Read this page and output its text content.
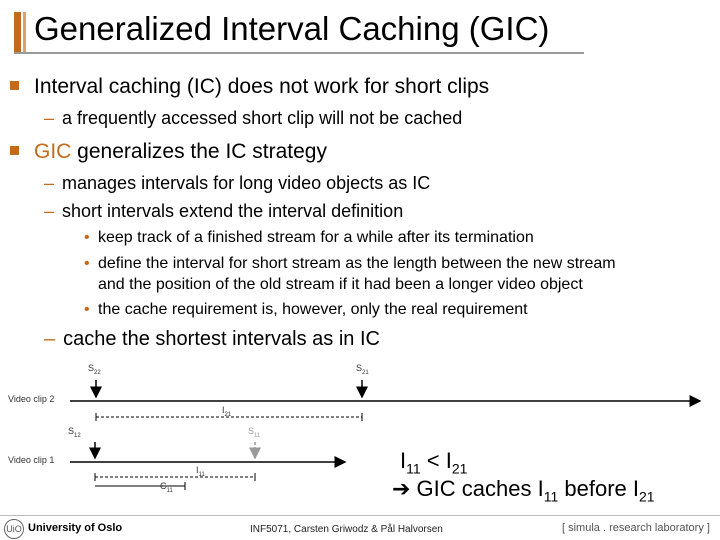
Generalized Interval Caching (GIC)
Interval caching (IC) does not work for short clips
– a frequently accessed short clip will not be cached
GIC generalizes the IC strategy
– manages intervals for long video objects as IC
– short intervals extend the interval definition
• keep track of a finished stream for a while after its termination
• define the interval for short stream as the length between the new stream
and the position of the old stream if it had been a longer video object
• the cache requirement is, however, only the real requirement
– cache the shortest intervals as in IC
Video clip 2
Video clip 1
$S_{22}$	$S_{21}$
$I_{21}$
$S_{12}$	$S_{11}$
$I_{11}$
$C_{11}$
$I_{11} < I_{21}$
➔ GIC caches $I_{11}$ before $I_{21}$
UiO University of Oslo	INF5071, Carsten Griwodz & Pål Halvorsen	[ simula . research laboratory ]
